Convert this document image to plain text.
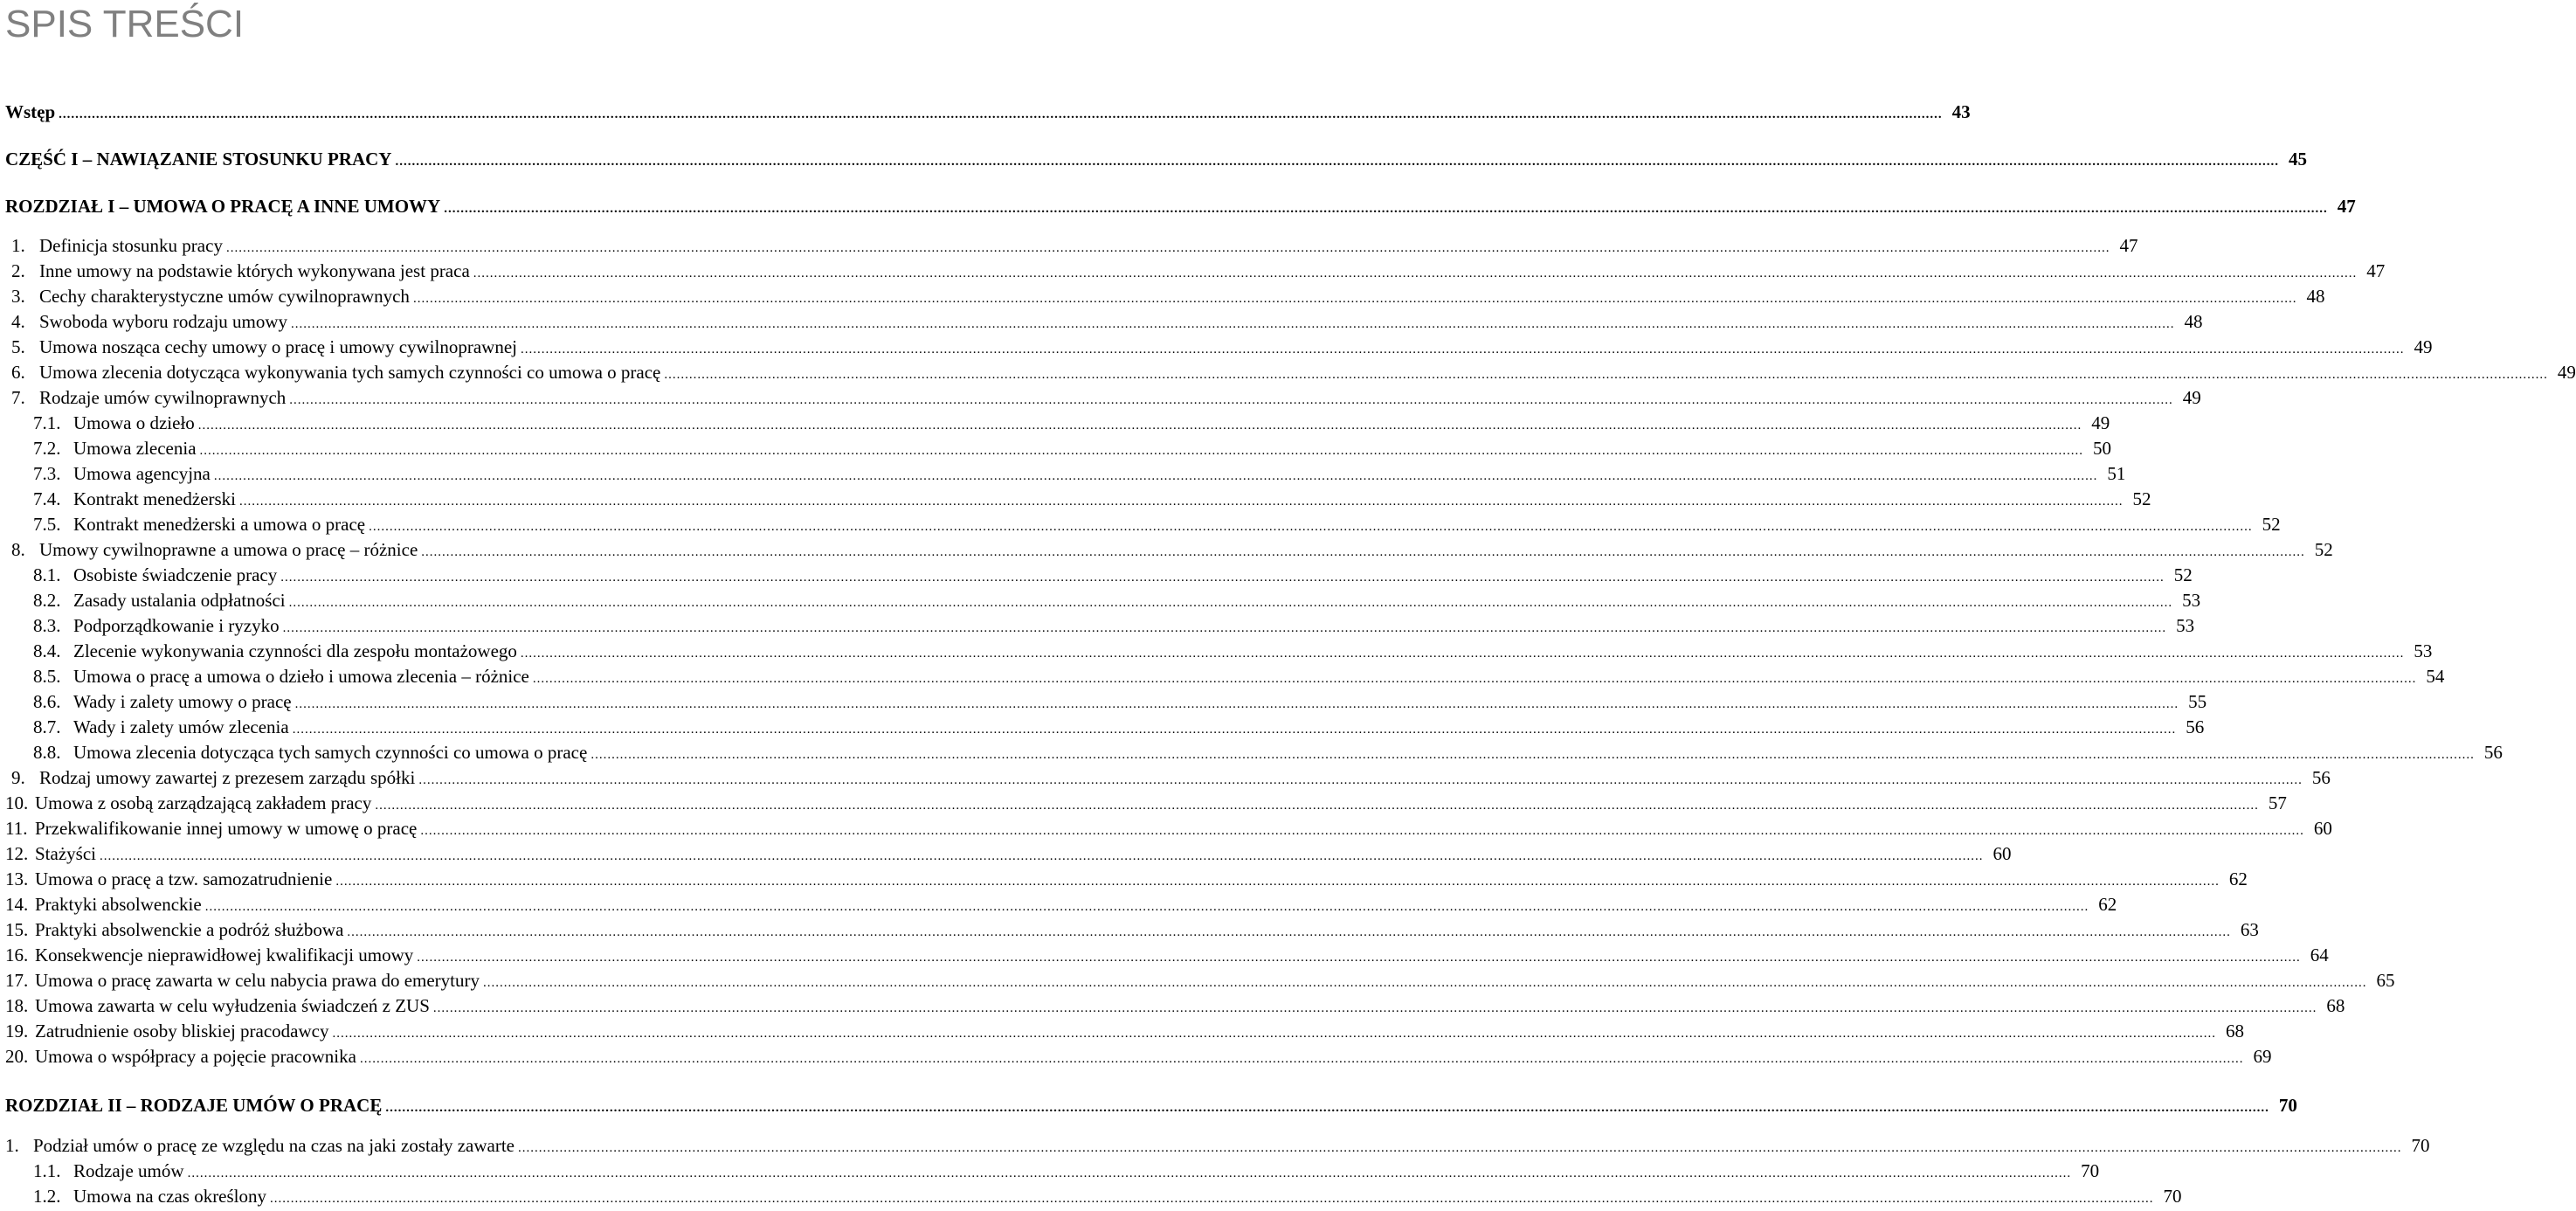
SPIS TREŚCI
Wstęp .....	43
CZĘŚĆ I – NAWIĄZANIE STOSUNKU PRACY .....	45
ROZDZIAŁ I – UMOWA O PRACĘ A INNE UMOWY .....	47
1. Definicja stosunku pracy .....	47
2. Inne umowy na podstawie których wykonywana jest praca .....	47
3. Cechy charakterystyczne umów cywilnoprawnych .....	48
4. Swoboda wyboru rodzaju umowy .....	48
5. Umowa nosząca cechy umowy o pracę i umowy cywilnoprawnej .....	49
6. Umowa zlecenia dotycząca wykonywania tych samych czynności co umowa o pracę .....	49
7. Rodzaje umów cywilnoprawnych .....	49
7.1. Umowa o dzieło .....	49
7.2. Umowa zlecenia .....	50
7.3. Umowa agencyjna .....	51
7.4. Kontrakt menedżerski .....	52
7.5. Kontrakt menedżerski a umowa o pracę .....	52
8. Umowy cywilnoprawne a umowa o pracę – różnice .....	52
8.1. Osobiste świadczenie pracy .....	52
8.2. Zasady ustalania odpłatności .....	53
8.3. Podporządkowanie i ryzyko .....	53
8.4. Zlecenie wykonywania czynności dla zespołu montażowego .....	53
8.5. Umowa o pracę a umowa o dzieło i umowa zlecenia – różnice .....	54
8.6. Wady i zalety umowy o pracę .....	55
8.7. Wady i zalety umów zlecenia .....	56
8.8. Umowa zlecenia dotycząca tych samych czynności co umowa o pracę .....	56
9. Rodzaj umowy zawartej z prezesem zarządu spółki .....	56
10. Umowa z osobą zarządzającą zakładem pracy .....	57
11. Przekwalifikowanie innej umowy w umowę o pracę .....	60
12. Stażyści .....	60
13. Umowa o pracę a tzw. samozatrudnienie .....	62
14. Praktyki absolwenckie .....	62
15. Praktyki absolwenckie a podróż służbowa .....	63
16. Konsekwencje nieprawidłowej kwalifikacji umowy .....	64
17. Umowa o pracę zawarta w celu nabycia prawa do emerytury .....	65
18. Umowa zawarta w celu wyłudzenia świadczeń z ZUS .....	68
19. Zatrudnienie osoby bliskiej pracodawcy .....	68
20. Umowa o współpracy a pojęcie pracownika .....	69
ROZDZIAŁ II – RODZAJE UMÓW O PRACĘ .....	70
1. Podział umów o pracę ze względu na czas na jaki zostały zawarte .....	70
1.1. Rodzaje umów .....	70
1.2. Umowa na czas określony .....	70
